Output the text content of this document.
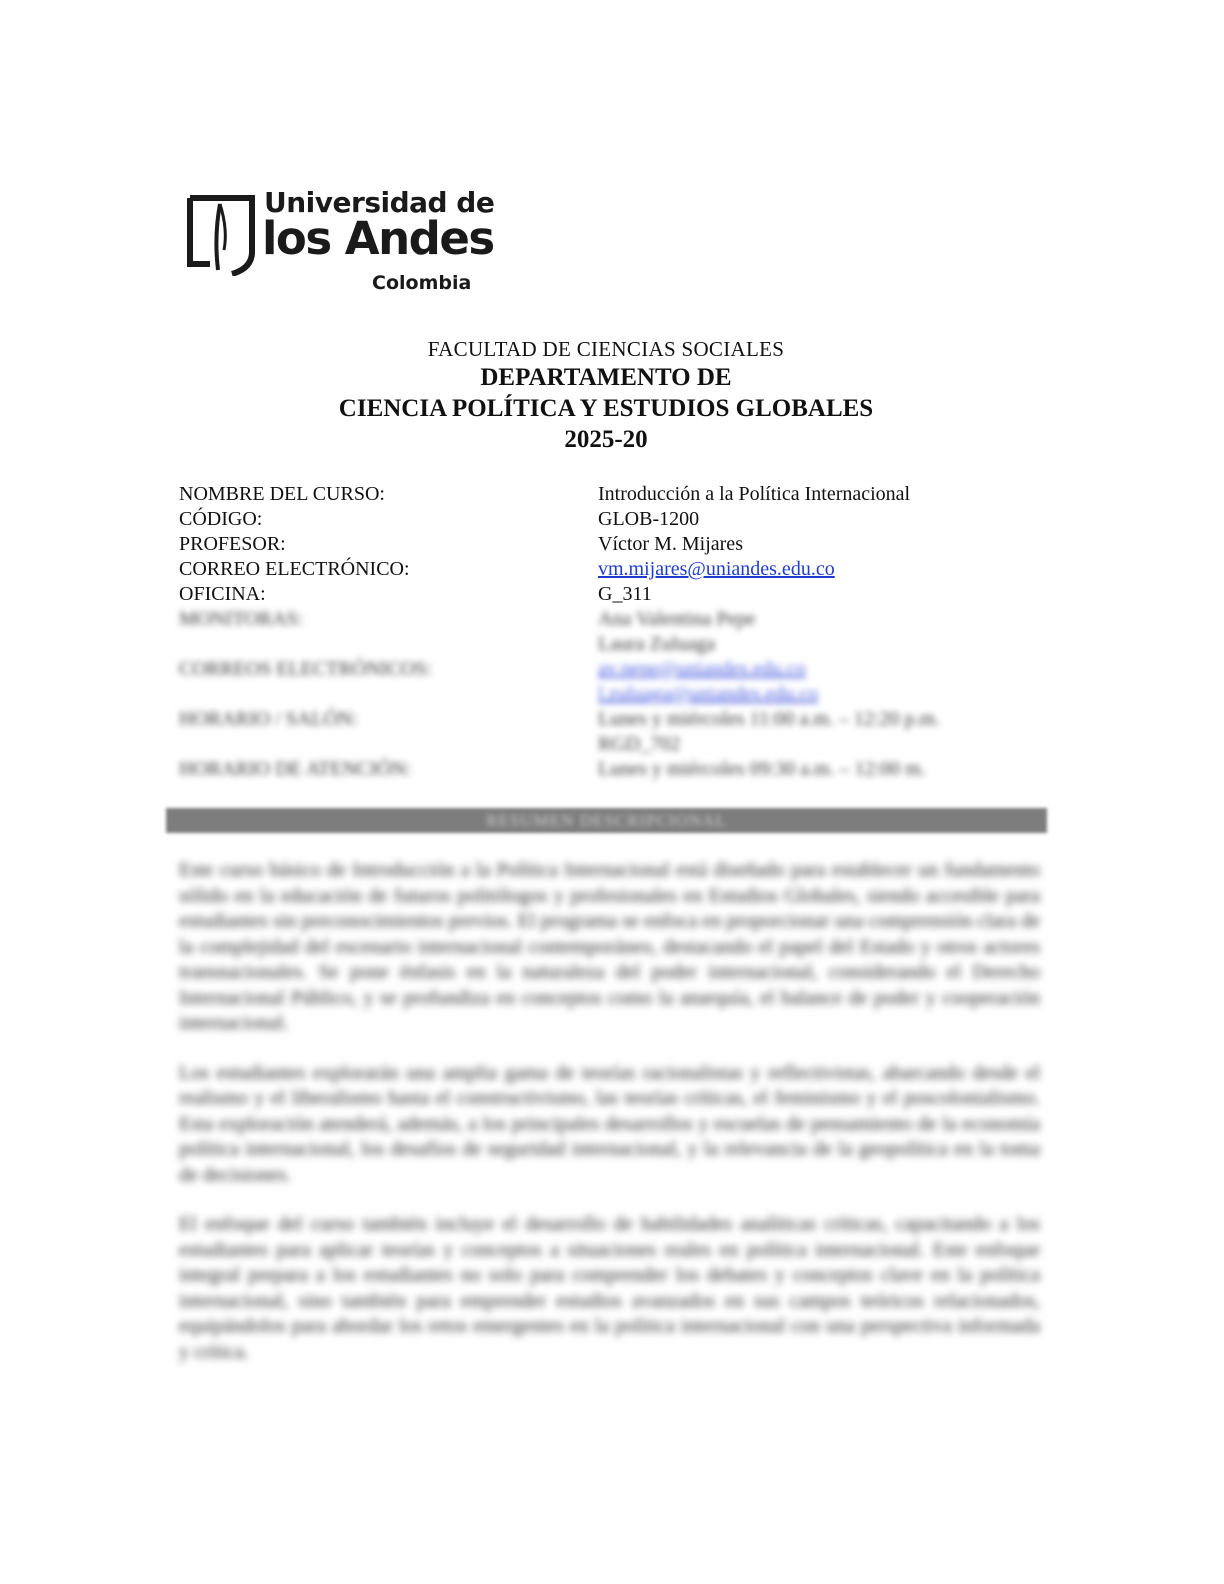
Universidad de
los Andes
Colombia
FACULTAD DE CIENCIAS SOCIALES
DEPARTAMENTO DE
CIENCIA POLÍTICA Y ESTUDIOS GLOBALES
2025-20
NOMBRE DEL CURSO:	Introducción a la Política Internacional
CÓDIGO:	GLOB-1200
PROFESOR:	Víctor M. Mijares
CORREO ELECTRÓNICO:	vm.mijares@uniandes.edu.co
OFICINA:	G_311
MONITORAS:	Ana Valentina Pepe
Laura Zuluaga
CORREOS ELECTRÓNICOS:	av.pepe@uniandes.edu.co
l.zuluaga@uniandes.edu.co
HORARIO / SALÓN:	Lunes y miércoles 11:00 a.m. – 12:20 p.m.
RGD_702
HORARIO DE ATENCIÓN:	Lunes y miércoles 09:30 a.m. – 12:00 m.
RESUMEN DESCRIPCIONAL

Este curso básico de Introducción a la Política Internacional está diseñado para establecer un fundamento sólido en la educación de futuros politólogos y profesionales en Estudios Globales, siendo accesible para estudiantes sin preconocimientos previos. El programa se enfoca en proporcionar una comprensión clara de la complejidad del escenario internacional contemporáneo, destacando el papel del Estado y otros actores transnacionales. Se pone énfasis en la naturaleza del poder internacional, considerando el Derecho Internacional Público, y se profundiza en conceptos como la anarquía, el balance de poder y cooperación internacional.

Los estudiantes explorarán una amplia gama de teorías racionalistas y reflectivistas, abarcando desde el realismo y el liberalismo hasta el constructivismo, las teorías críticas, el feminismo y el poscolonialismo. Esta exploración atenderá, además, a los principales desarrollos y escuelas de pensamiento de la economía política internacional, los desafíos de seguridad internacional, y la relevancia de la geopolítica en la toma de decisiones.

El enfoque del curso también incluye el desarrollo de habilidades analíticas críticas, capacitando a los estudiantes para aplicar teorías y conceptos a situaciones reales en política internacional. Este enfoque integral prepara a los estudiantes no solo para comprender los debates y conceptos clave en la política internacional, sino también para emprender estudios avanzados en sus campos teóricos relacionados, equipándolos para abordar los retos emergentes en la política internacional con una perspectiva informada y crítica.
